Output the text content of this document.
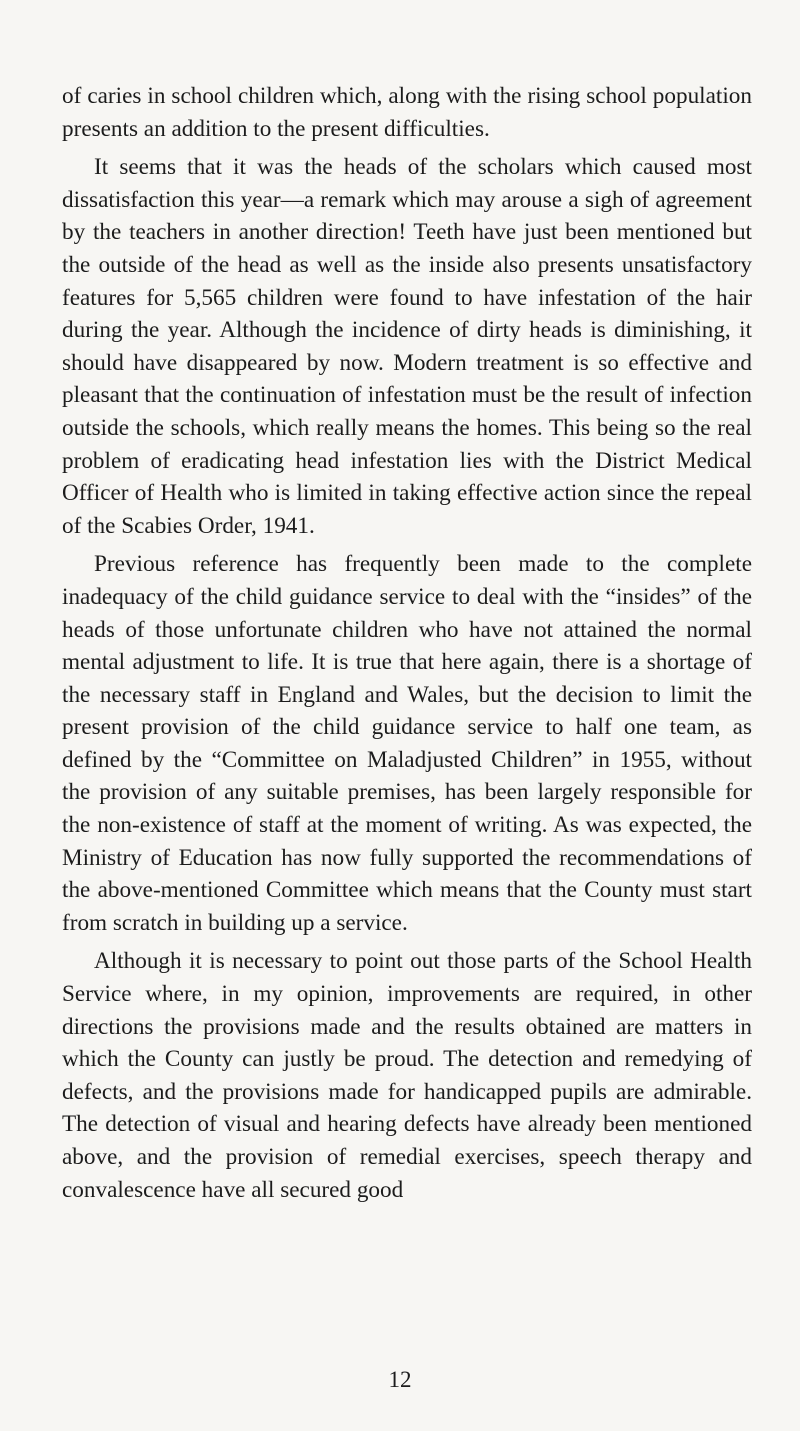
of caries in school children which, along with the rising school population presents an addition to the present difficulties.

It seems that it was the heads of the scholars which caused most dissatisfaction this year—a remark which may arouse a sigh of agreement by the teachers in another direction! Teeth have just been mentioned but the outside of the head as well as the inside also presents unsatisfactory features for 5,565 children were found to have infestation of the hair during the year. Although the incidence of dirty heads is diminishing, it should have disappeared by now. Modern treatment is so effective and pleasant that the continuation of infestation must be the result of infection outside the schools, which really means the homes. This being so the real problem of eradicating head infestation lies with the District Medical Officer of Health who is limited in taking effective action since the repeal of the Scabies Order, 1941.

Previous reference has frequently been made to the complete inadequacy of the child guidance service to deal with the “insides” of the heads of those unfortunate children who have not attained the normal mental adjustment to life. It is true that here again, there is a shortage of the necessary staff in England and Wales, but the decision to limit the present provision of the child guidance service to half one team, as defined by the “Committee on Maladjusted Children” in 1955, without the provision of any suitable premises, has been largely responsible for the non-existence of staff at the moment of writing. As was expected, the Ministry of Education has now fully supported the recommendations of the above-mentioned Committee which means that the County must start from scratch in building up a service.

Although it is necessary to point out those parts of the School Health Service where, in my opinion, improvements are required, in other directions the provisions made and the results obtained are matters in which the County can justly be proud. The detection and remedying of defects, and the provisions made for handicapped pupils are admirable. The detection of visual and hearing defects have already been mentioned above, and the provision of remedial exercises, speech therapy and convalescence have all secured good

12
